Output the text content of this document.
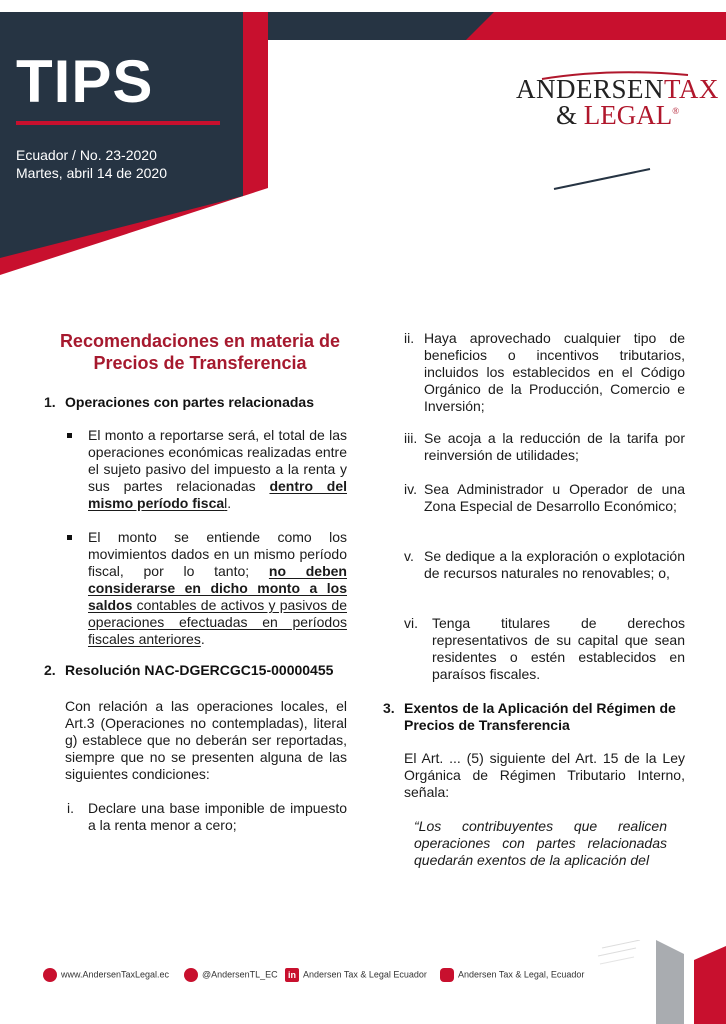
TIPS
Ecuador / No. 23-2020
Martes, abril 14 de 2020
ANDERSENTAX
& LEGAL®
Recomendaciones en materia de Precios de Transferencia
1. Operaciones con partes relacionadas
El monto a reportarse será, el total de las operaciones económicas realizadas entre el sujeto pasivo del impuesto a la renta y sus partes relacionadas dentro del mismo período fiscal.
El monto se entiende como los movimientos dados en un mismo período fiscal, por lo tanto; no deben considerarse en dicho monto a los saldos contables de activos y pasivos de operaciones efectuadas en períodos fiscales anteriores.
2. Resolución NAC-DGERCGC15-00000455
Con relación a las operaciones locales, el Art.3 (Operaciones no contempladas), literal g) establece que no deberán ser reportadas, siempre que no se presenten alguna de las siguientes condiciones:
i. Declare una base imponible de impuesto a la renta menor a cero;
ii. Haya aprovechado cualquier tipo de beneficios o incentivos tributarios, incluidos los establecidos en el Código Orgánico de la Producción, Comercio e Inversión;
iii. Se acoja a la reducción de la tarifa por reinversión de utilidades;
iv. Sea Administrador u Operador de una Zona Especial de Desarrollo Económico;
v. Se dedique a la exploración o explotación de recursos naturales no renovables; o,
vi. Tenga titulares de derechos representativos de su capital que sean residentes o estén establecidos en paraísos fiscales.
3. Exentos de la Aplicación del Régimen de Precios de Transferencia
El Art. ... (5) siguiente del Art. 15 de la Ley Orgánica de Régimen Tributario Interno, señala:
“Los contribuyentes que realicen operaciones con partes relacionadas quedarán exentos de la aplicación del
www.AndersenTaxLegal.ec	@AndersenTL_EC	in Andersen Tax & Legal Ecuador	Andersen Tax & Legal, Ecuador
